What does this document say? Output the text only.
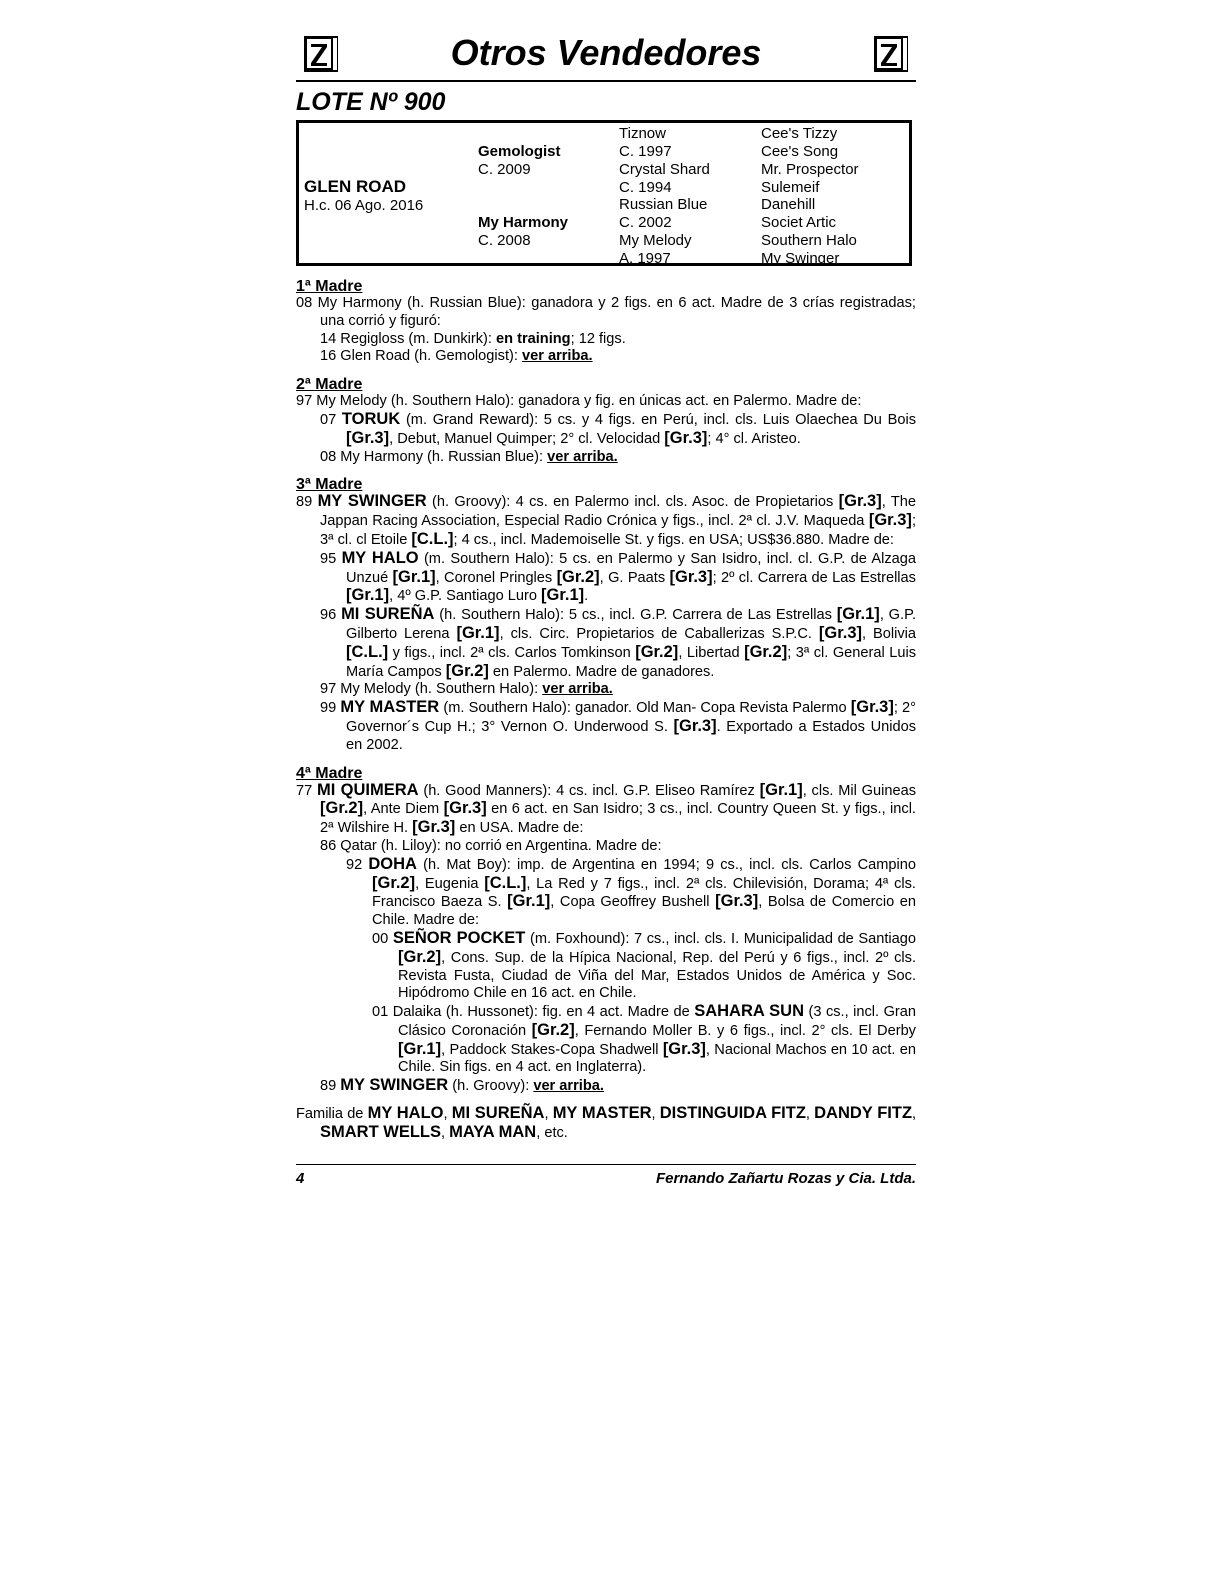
Otros Vendedores
LOTE Nº 900
GLEN ROAD
H.c. 06 Ago. 2016
Gemologist
C. 2009
My Harmony
C. 2008
Tiznow
C. 1997
Crystal Shard
C. 1994
Russian Blue
C. 2002
My Melody
A. 1997
Cee's Tizzy
Cee's Song
Mr. Prospector
Sulemeif
Danehill
Societ Artic
Southern Halo
My Swinger
1ª Madre

08 My Harmony (h. Russian Blue): ganadora y 2 figs. en 6 act. Madre de 3 crías registradas; una corrió y figuró:

14 Regigloss (m. Dunkirk): en training; 12 figs.

16 Glen Road (h. Gemologist): ver arriba.

2ª Madre

97 My Melody (h. Southern Halo): ganadora y fig. en únicas act. en Palermo. Madre de:

07 TORUK (m. Grand Reward): 5 cs. y 4 figs. en Perú, incl. cls. Luis Olaechea Du Bois [Gr.3], Debut, Manuel Quimper; 2° cl. Velocidad [Gr.3]; 4° cl. Aristeo.

08 My Harmony (h. Russian Blue): ver arriba.

3ª Madre

89 MY SWINGER (h. Groovy): 4 cs. en Palermo incl. cls. Asoc. de Propietarios [Gr.3], The Jappan Racing Association, Especial Radio Crónica y figs., incl. 2ª cl. J.V. Maqueda [Gr.3]; 3ª cl. cl Etoile [C.L.]; 4 cs., incl. Mademoiselle St. y figs. en USA; US$36.880. Madre de:

95 MY HALO (m. Southern Halo): 5 cs. en Palermo y San Isidro, incl. cl. G.P. de Alzaga Unzué [Gr.1], Coronel Pringles [Gr.2], G. Paats [Gr.3]; 2º cl. Carrera de Las Estrellas [Gr.1], 4º G.P. Santiago Luro [Gr.1].

96 MI SUREÑA (h. Southern Halo): 5 cs., incl. G.P. Carrera de Las Estrellas [Gr.1], G.P. Gilberto Lerena [Gr.1], cls. Circ. Propietarios de Caballerizas S.P.C. [Gr.3], Bolivia [C.L.] y figs., incl. 2ª cls. Carlos Tomkinson [Gr.2], Libertad [Gr.2]; 3ª cl. General Luis María Campos [Gr.2] en Palermo. Madre de ganadores.

97 My Melody (h. Southern Halo): ver arriba.

99 MY MASTER (m. Southern Halo): ganador. Old Man- Copa Revista Palermo [Gr.3]; 2° Governor´s Cup H.; 3° Vernon O. Underwood S. [Gr.3]. Exportado a Estados Unidos en 2002.

4ª Madre

77 MI QUIMERA (h. Good Manners): 4 cs. incl. G.P. Eliseo Ramírez [Gr.1], cls. Mil Guineas [Gr.2], Ante Diem [Gr.3] en 6 act. en San Isidro; 3 cs., incl. Country Queen St. y figs., incl. 2ª Wilshire H. [Gr.3] en USA. Madre de:

86 Qatar (h. Liloy): no corrió en Argentina. Madre de:

92 DOHA (h. Mat Boy): imp. de Argentina en 1994; 9 cs., incl. cls. Carlos Campino [Gr.2], Eugenia [C.L.], La Red y 7 figs., incl. 2ª cls. Chilevisión, Dorama; 4ª cls. Francisco Baeza S. [Gr.1], Copa Geoffrey Bushell [Gr.3], Bolsa de Comercio en Chile. Madre de:

00 SEÑOR POCKET (m. Foxhound): 7 cs., incl. cls. I. Municipalidad de Santiago [Gr.2], Cons. Sup. de la Hípica Nacional, Rep. del Perú y 6 figs., incl. 2º cls. Revista Fusta, Ciudad de Viña del Mar, Estados Unidos de América y Soc. Hipódromo Chile en 16 act. en Chile.

01 Dalaika (h. Hussonet): fig. en 4 act. Madre de SAHARA SUN (3 cs., incl. Gran Clásico Coronación [Gr.2], Fernando Moller B. y 6 figs., incl. 2° cls. El Derby [Gr.1], Paddock Stakes-Copa Shadwell [Gr.3], Nacional Machos en 10 act. en Chile. Sin figs. en 4 act. en Inglaterra).

89 MY SWINGER (h. Groovy): ver arriba.

Familia de MY HALO, MI SUREÑA, MY MASTER, DISTINGUIDA FITZ, DANDY FITZ, SMART WELLS, MAYA MAN, etc.

4	Fernando Zañartu Rozas y Cia. Ltda.
